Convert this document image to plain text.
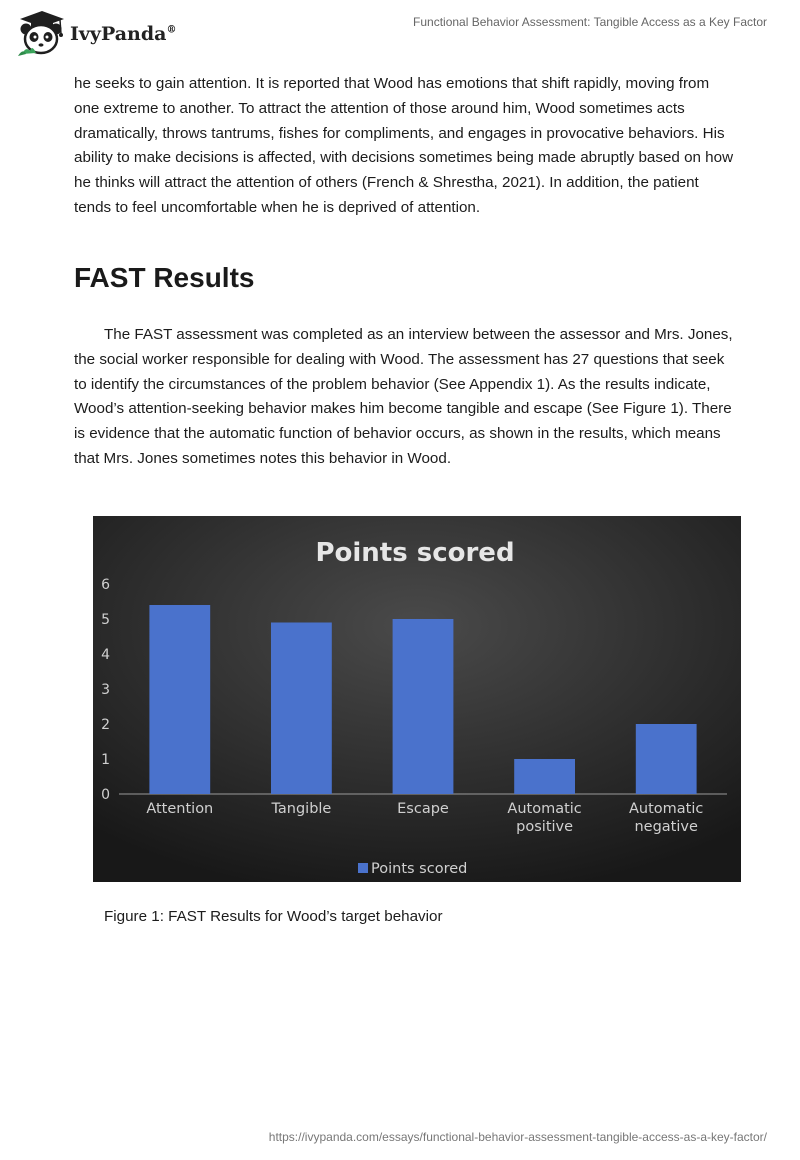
IvyPanda®
Functional Behavior Assessment: Tangible Access as a Key Factor

he seeks to gain attention. It is reported that Wood has emotions that shift rapidly, moving from one extreme to another. To attract the attention of those around him, Wood sometimes acts dramatically, throws tantrums, fishes for compliments, and engages in provocative behaviors. His ability to make decisions is affected, with decisions sometimes being made abruptly based on how he thinks will attract the attention of others (French & Shrestha, 2021). In addition, the patient tends to feel uncomfortable when he is deprived of attention.

FAST Results

The FAST assessment was completed as an interview between the assessor and Mrs. Jones, the social worker responsible for dealing with Wood. The assessment has 27 questions that seek to identify the circumstances of the problem behavior (See Appendix 1). As the results indicate, Wood’s attention-seeking behavior makes him become tangible and escape (See Figure 1). There is evidence that the automatic function of behavior occurs, as shown in the results, which means that Mrs. Jones sometimes notes this behavior in Wood.

Points scored
0
1
2
3
4
5
6
Attention	Tangible	Escape	Automatic
positive
Automatic
negative
Points scored
Figure 1: FAST Results for Wood’s target behavior
https://ivypanda.com/essays/functional-behavior-assessment-tangible-access-as-a-key-factor/
